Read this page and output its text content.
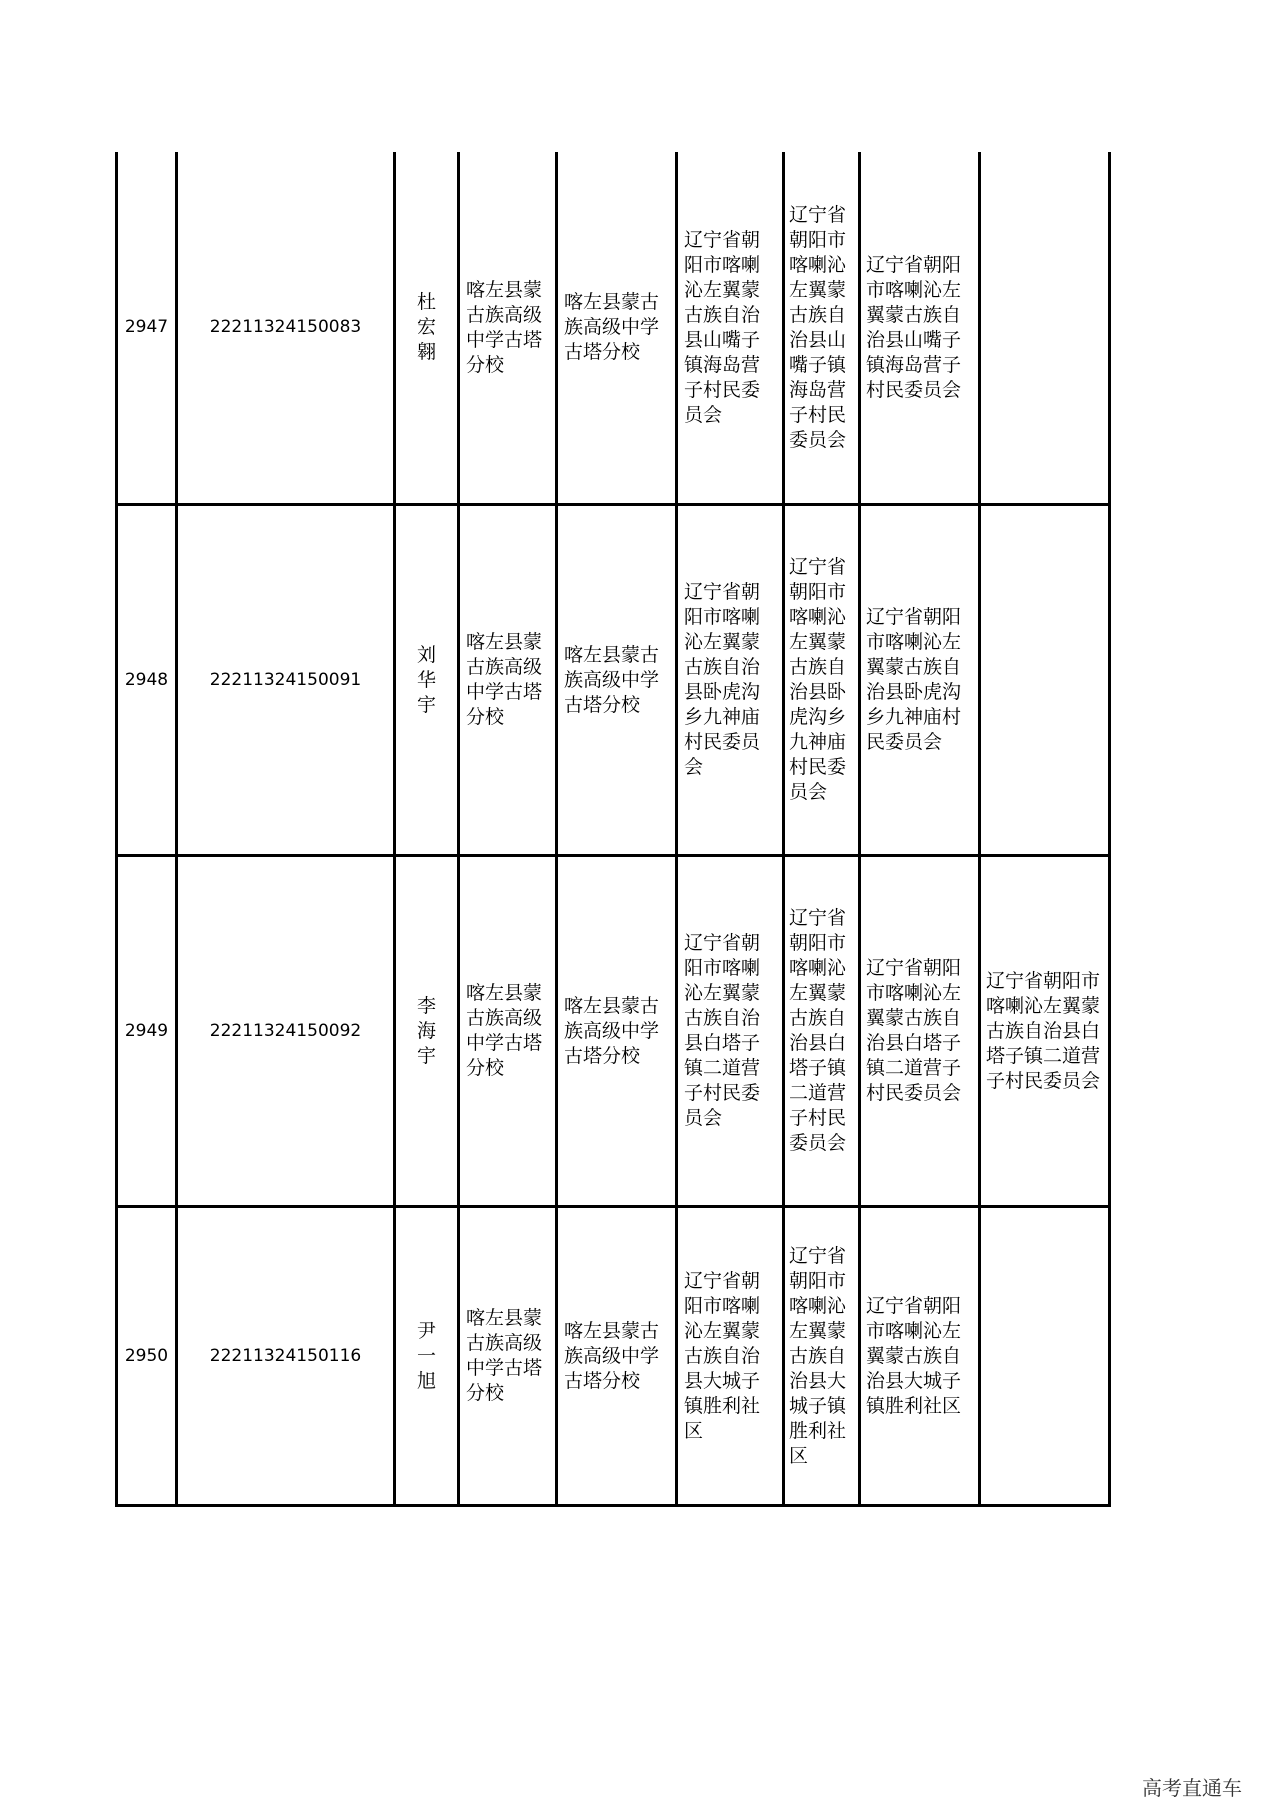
2947	22211324150083	杜宏翱	喀左县蒙古族高级中学古塔分校	喀左县蒙古族高级中学古塔分校	辽宁省朝阳市喀喇沁左翼蒙古族自治县山嘴子镇海岛营子村民委员会	辽宁省朝阳市喀喇沁左翼蒙古族自治县山嘴子镇海岛营子村民委员会	辽宁省朝阳市喀喇沁左翼蒙古族自治县山嘴子镇海岛营子村民委员会	
2948	22211324150091	刘华宇	喀左县蒙古族高级中学古塔分校	喀左县蒙古族高级中学古塔分校	辽宁省朝阳市喀喇沁左翼蒙古族自治县卧虎沟乡九神庙村民委员会	辽宁省朝阳市喀喇沁左翼蒙古族自治县卧虎沟乡九神庙村民委员会	辽宁省朝阳市喀喇沁左翼蒙古族自治县卧虎沟乡九神庙村民委员会	
2949	22211324150092	李海宇	喀左县蒙古族高级中学古塔分校	喀左县蒙古族高级中学古塔分校	辽宁省朝阳市喀喇沁左翼蒙古族自治县白塔子镇二道营子村民委员会	辽宁省朝阳市喀喇沁左翼蒙古族自治县白塔子镇二道营子村民委员会	辽宁省朝阳市喀喇沁左翼蒙古族自治县白塔子镇二道营子村民委员会	辽宁省朝阳市喀喇沁左翼蒙古族自治县白塔子镇二道营子村民委员会
2950	22211324150116	尹一旭	喀左县蒙古族高级中学古塔分校	喀左县蒙古族高级中学古塔分校	辽宁省朝阳市喀喇沁左翼蒙古族自治县大城子镇胜利社区	辽宁省朝阳市喀喇沁左翼蒙古族自治县大城子镇胜利社区	辽宁省朝阳市喀喇沁左翼蒙古族自治县大城子镇胜利社区	
高考直通车
